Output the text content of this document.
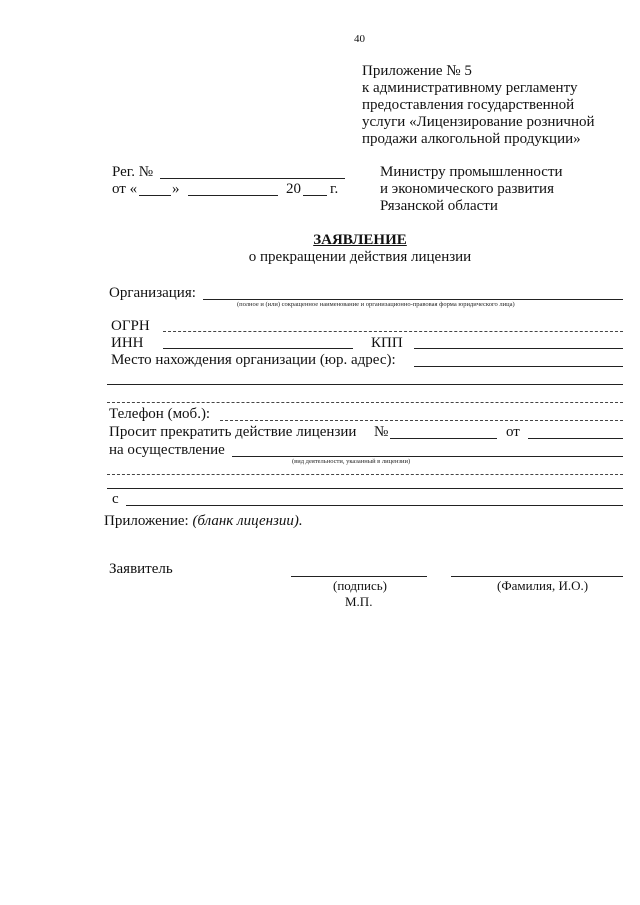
40
Приложение № 5
к административному регламенту
предоставления государственной
услуги «Лицензирование розничной
продажи алкогольной продукции»
Рег. №
от « »	20 г.
Министру промышленности
и экономического развития
Рязанской области
ЗАЯВЛЕНИЕ
о прекращении действия лицензии
Организация:
(полное и (или) сокращенное наименование и организационно-правовая форма юридического лица)
ОГРН
ИНН	КПП
Место нахождения организации (юр. адрес):
Телефон (моб.):
Просит прекратить действие лицензии №	от
на осуществление
(вид деятельности, указанный в лицензии)
с
Приложение: (бланк лицензии).
Заявитель
(подпись)	(Фамилия, И.О.)
М.П.
